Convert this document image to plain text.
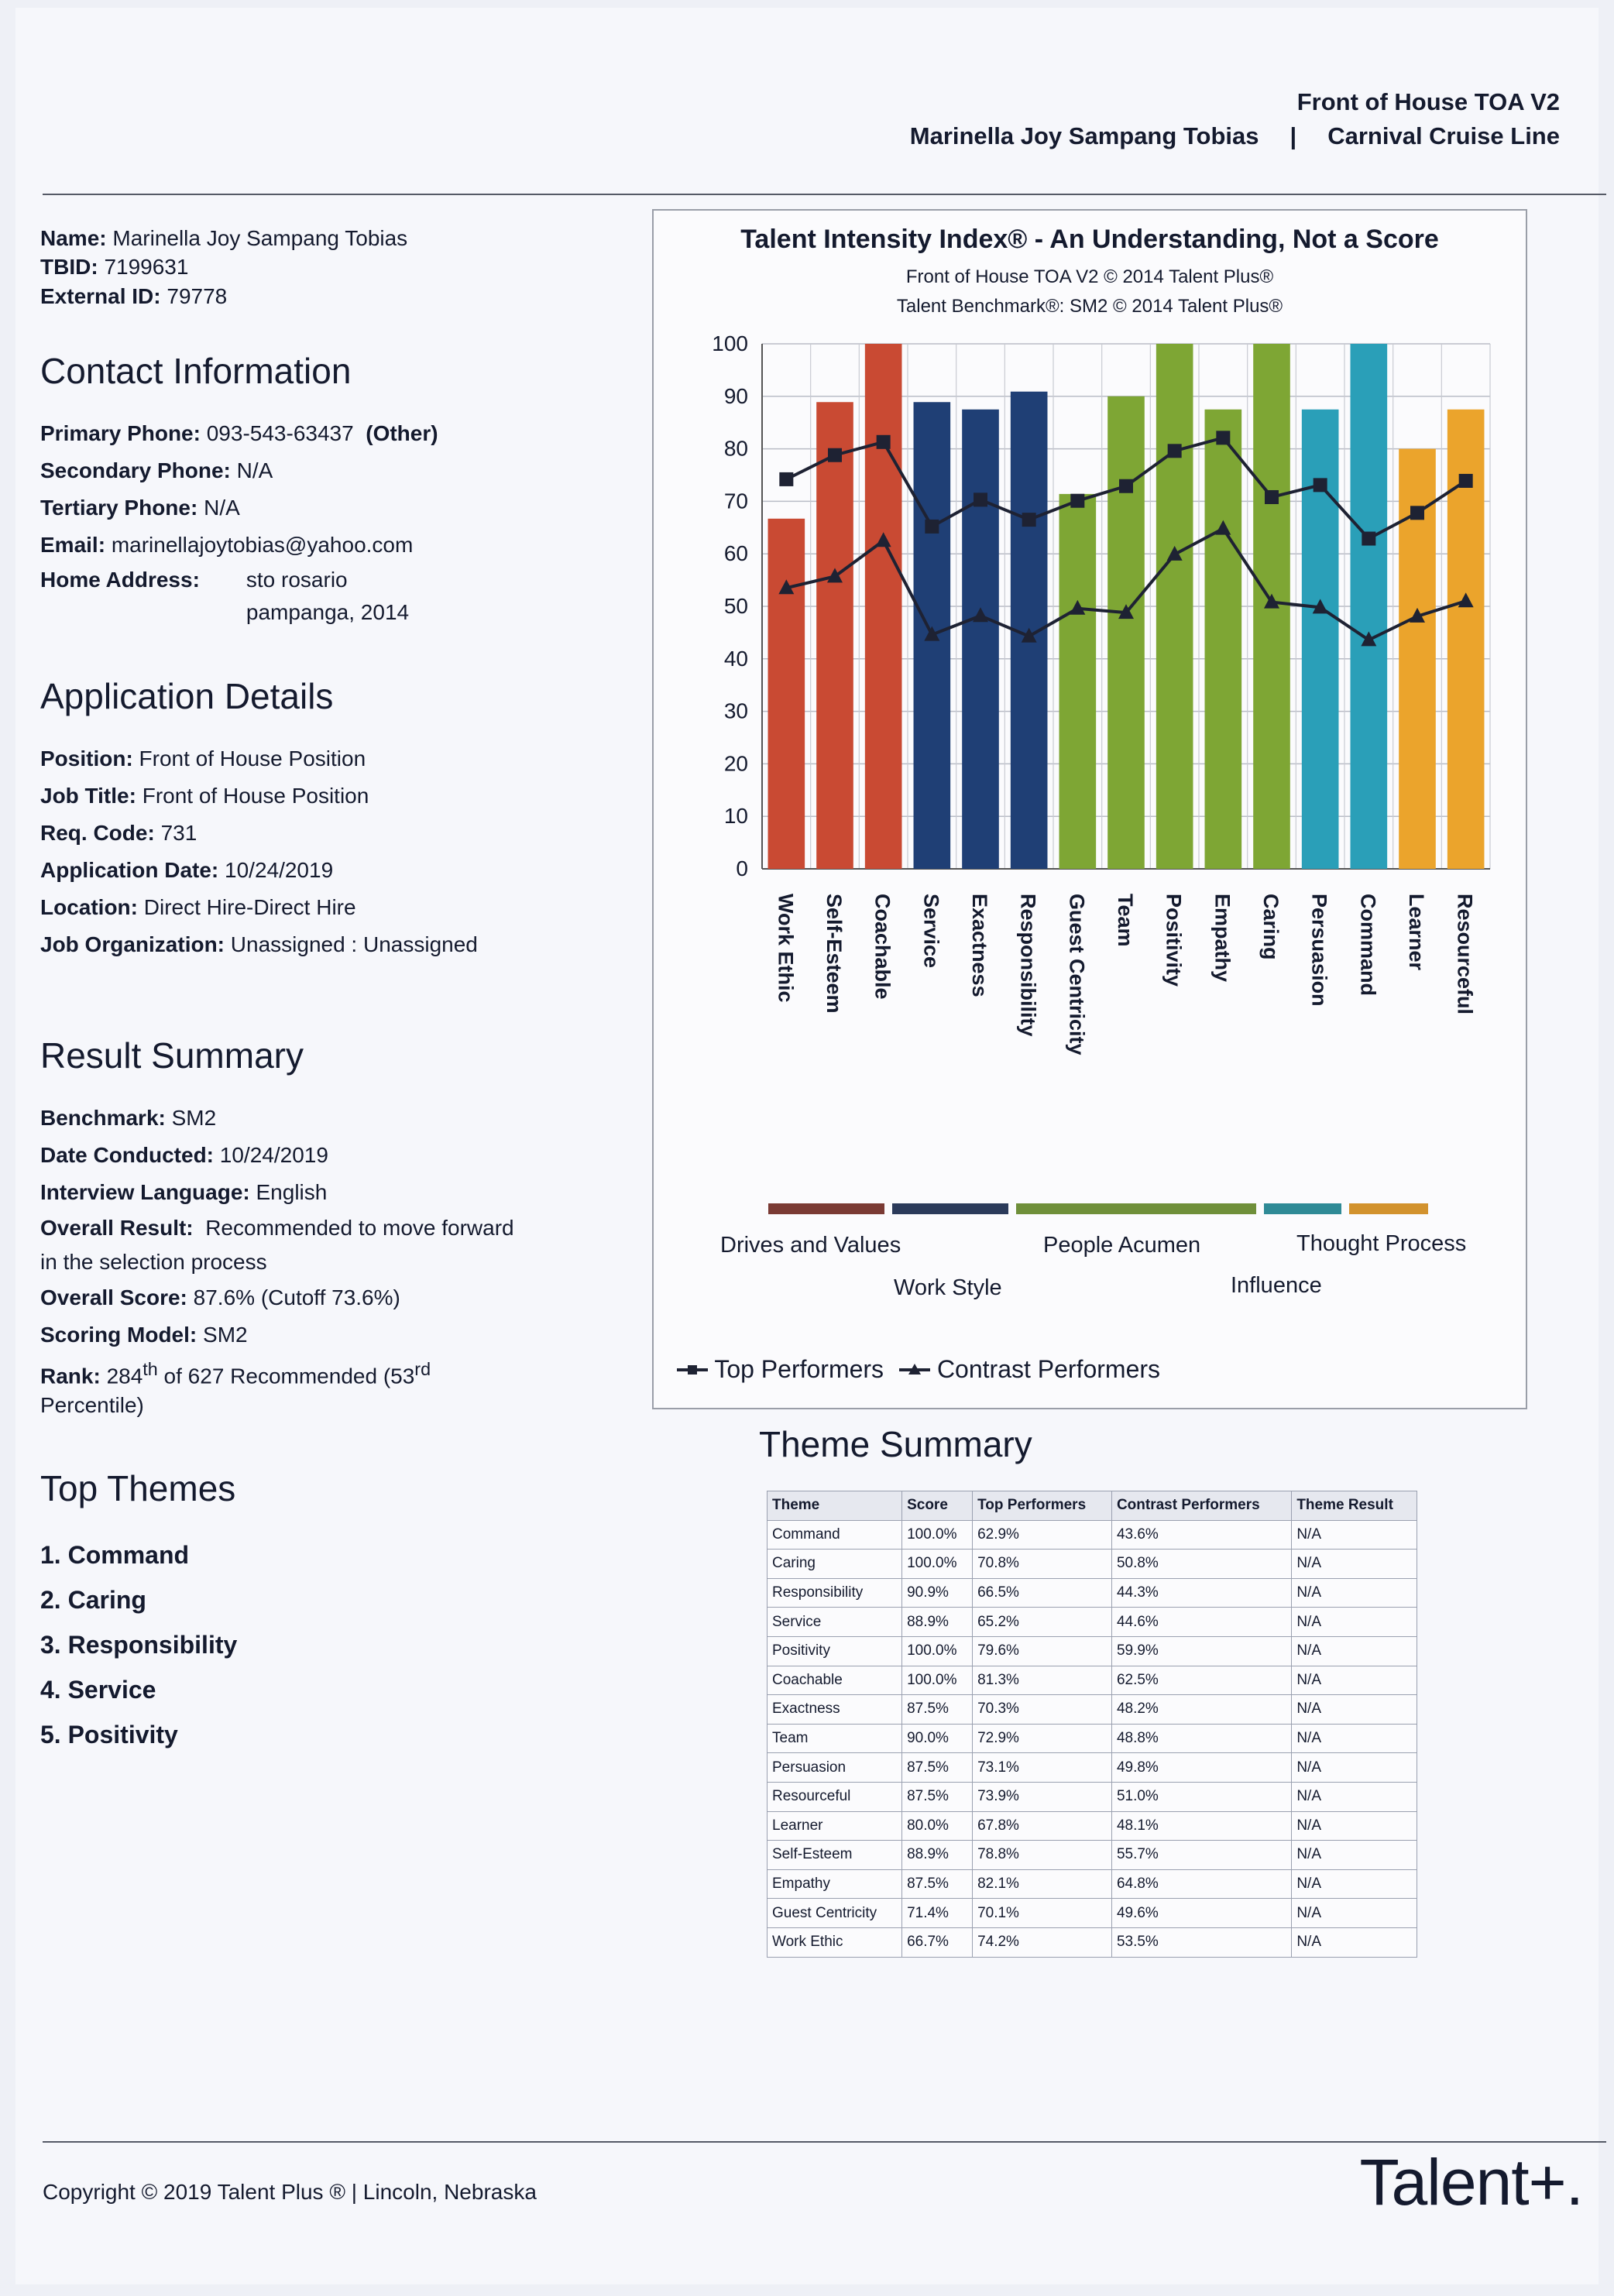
Front of House TOA V2
Marinella Joy Sampang Tobias | Carnival Cruise Line
Name: Marinella Joy Sampang Tobias
TBID: 7199631
External ID: 79778
Contact Information
Primary Phone: 093-543-63437 (Other)
Secondary Phone: N/A
Tertiary Phone: N/A
Email: marinellajoytobias@yahoo.com
Home Address: sto rosario
pampanga, 2014
Application Details
Position: Front of House Position
Job Title: Front of House Position
Req. Code: 731
Application Date: 10/24/2019
Location: Direct Hire-Direct Hire
Job Organization: Unassigned : Unassigned
Result Summary
Benchmark: SM2
Date Conducted: 10/24/2019
Interview Language: English
Overall Result: Recommended to move forward in the selection process
Overall Score: 87.6% (Cutoff 73.6%)
Scoring Model: SM2
Rank: 284th of 627 Recommended (53rd
Percentile)
Top Themes
1. Command
2. Caring
3. Responsibility
4. Service
5. Positivity
Talent Intensity Index® - An Understanding, Not a Score
Front of House TOA V2 © 2014 Talent Plus®
Talent Benchmark®: SM2 © 2014 Talent Plus®
0
10
20
30
40
50
60
70
80
90
100
Work Ethic Self-Esteem Coachable Service Exactness Responsibility Guest Centricity Team Positivity Empathy Caring Persuasion Command Learner Resourceful
Drives and Values
Work Style
People Acumen
Influence
Thought Process
Top Performers	Contrast Performers
Theme Summary
Theme	Score	Top Performers	Contrast Performers	Theme Result
Command	100.0%	62.9%	43.6%	N/A
Caring	100.0%	70.8%	50.8%	N/A
Responsibility	90.9%	66.5%	44.3%	N/A
Service	88.9%	65.2%	44.6%	N/A
Positivity	100.0%	79.6%	59.9%	N/A
Coachable	100.0%	81.3%	62.5%	N/A
Exactness	87.5%	70.3%	48.2%	N/A
Team	90.0%	72.9%	48.8%	N/A
Persuasion	87.5%	73.1%	49.8%	N/A
Resourceful	87.5%	73.9%	51.0%	N/A
Learner	80.0%	67.8%	48.1%	N/A
Self-Esteem	88.9%	78.8%	55.7%	N/A
Empathy	87.5%	82.1%	64.8%	N/A
Guest Centricity	71.4%	70.1%	49.6%	N/A
Work Ethic	66.7%	74.2%	53.5%	N/A
Copyright © 2019 Talent Plus ® | Lincoln, Nebraska	Talent+.
